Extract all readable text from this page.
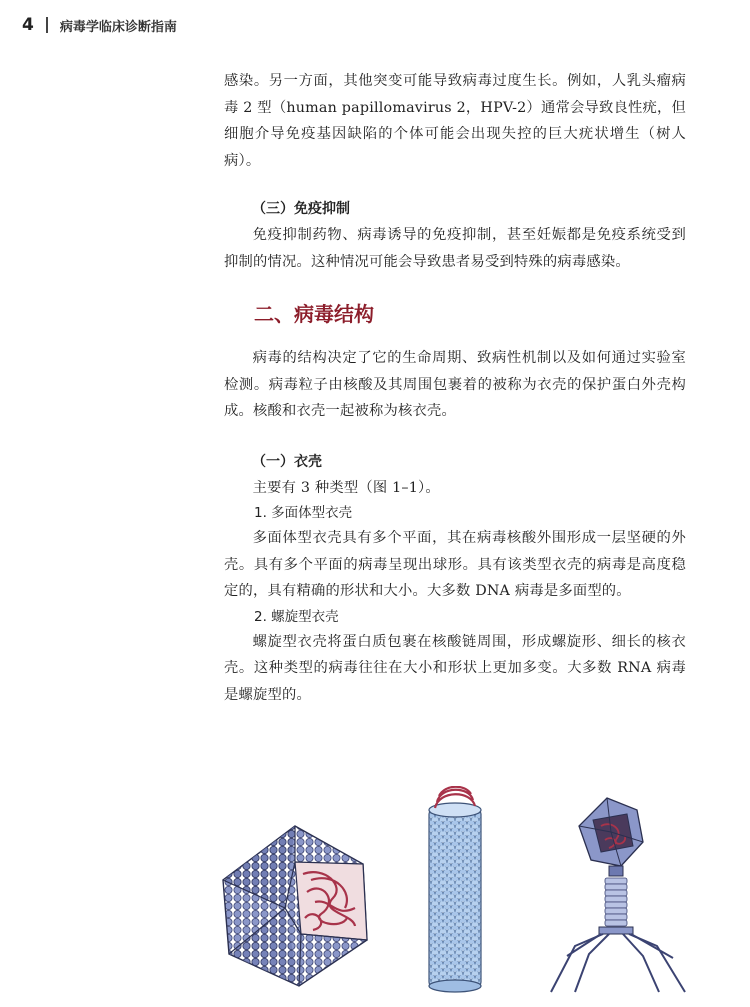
4 病毒学临床诊断指南

感染。另一方面，其他突变可能导致病毒过度生长。例如，人乳头瘤病毒 2 型（human papillomavirus 2，HPV-2）通常会导致良性疣，但细胞介导免疫基因缺陷的个体可能会出现失控的巨大疣状增生（树人病）。

（三）免疫抑制

免疫抑制药物、病毒诱导的免疫抑制，甚至妊娠都是免疫系统受到抑制的情况。这种情况可能会导致患者易受到特殊的病毒感染。

二、病毒结构

病毒的结构决定了它的生命周期、致病性机制以及如何通过实验室检测。病毒粒子由核酸及其周围包裹着的被称为衣壳的保护蛋白外壳构成。核酸和衣壳一起被称为核衣壳。

（一）衣壳

主要有 3 种类型（图 1–1）。

1. 多面体型衣壳

多面体型衣壳具有多个平面，其在病毒核酸外围形成一层坚硬的外壳。具有多个平面的病毒呈现出球形。具有该类型衣壳的病毒是高度稳定的，具有精确的形状和大小。大多数 DNA 病毒是多面型的。

2. 螺旋型衣壳

螺旋型衣壳将蛋白质包裹在核酸链周围，形成螺旋形、细长的核衣壳。这种类型的病毒往往在大小和形状上更加多变。大多数 RNA 病毒是螺旋型的。
